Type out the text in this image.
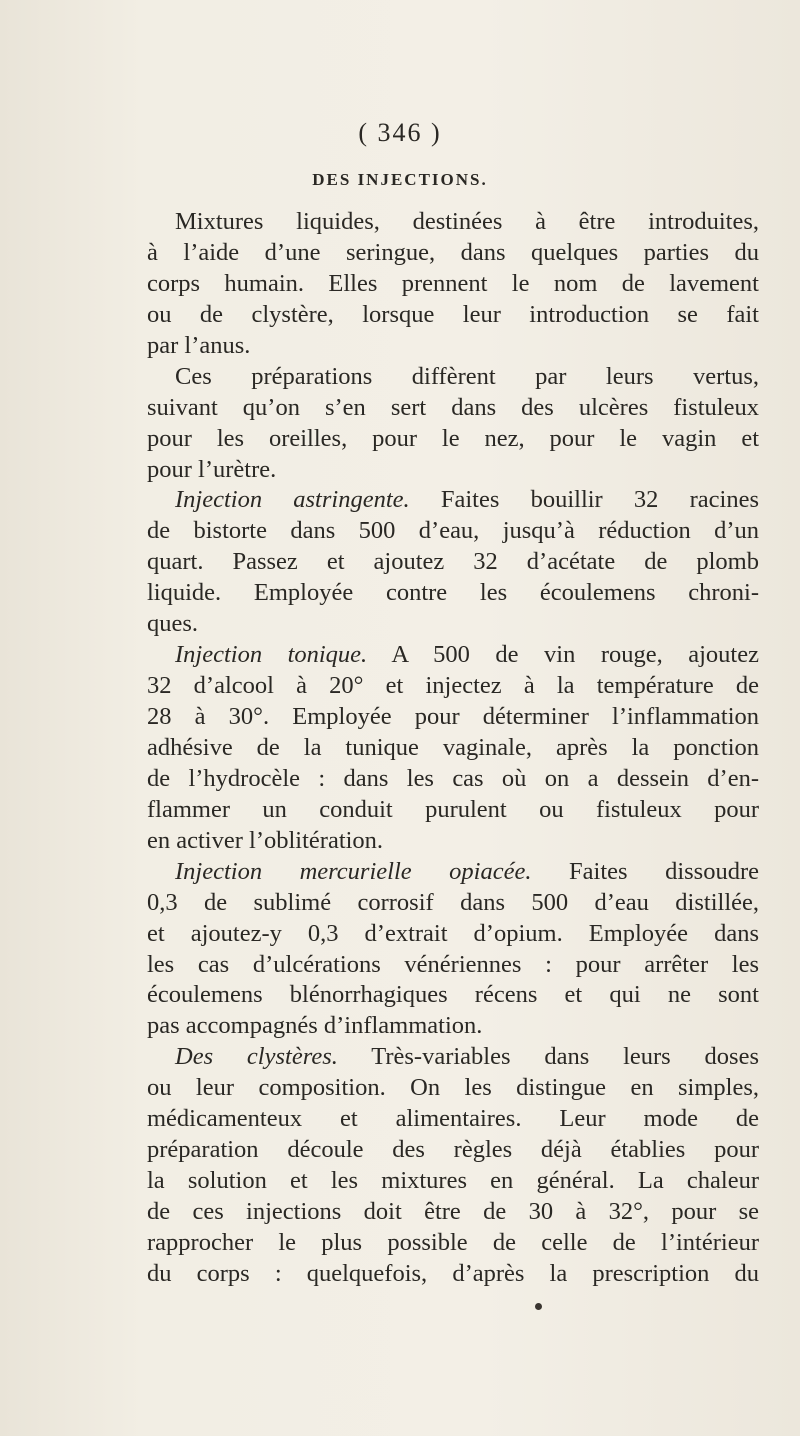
( 346 )
DES INJECTIONS.
Mixtures liquides, destinées à être introduites,
à l’aide d’une seringue, dans quelques parties du
corps humain. Elles prennent le nom de lavement
ou de clystère, lorsque leur introduction se fait
par l’anus.
Ces préparations diffèrent par leurs vertus,
suivant qu’on s’en sert dans des ulcères fistuleux
pour les oreilles, pour le nez, pour le vagin et
pour l’urètre.
Injection astringente. Faites bouillir 32 racines
de bistorte dans 500 d’eau, jusqu’à réduction d’un
quart. Passez et ajoutez 32 d’acétate de plomb
liquide. Employée contre les écoulemens chroni-
ques.
Injection tonique. A 500 de vin rouge, ajoutez
32 d’alcool à 20° et injectez à la température de
28 à 30°. Employée pour déterminer l’inflammation
adhésive de la tunique vaginale, après la ponction
de l’hydrocèle : dans les cas où on a dessein d’en-
flammer un conduit purulent ou fistuleux pour
en activer l’oblitération.
Injection mercurielle opiacée. Faites dissoudre
0,3 de sublimé corrosif dans 500 d’eau distillée,
et ajoutez-y 0,3 d’extrait d’opium. Employée dans
les cas d’ulcérations vénériennes : pour arrêter les
écoulemens blénorrhagiques récens et qui ne sont
pas accompagnés d’inflammation.
Des clystères. Très-variables dans leurs doses
ou leur composition. On les distingue en simples,
médicamenteux et alimentaires. Leur mode de
préparation découle des règles déjà établies pour
la solution et les mixtures en général. La chaleur
de ces injections doit être de 30 à 32°, pour se
rapprocher le plus possible de celle de l’intérieur
du corps : quelquefois, d’après la prescription du
